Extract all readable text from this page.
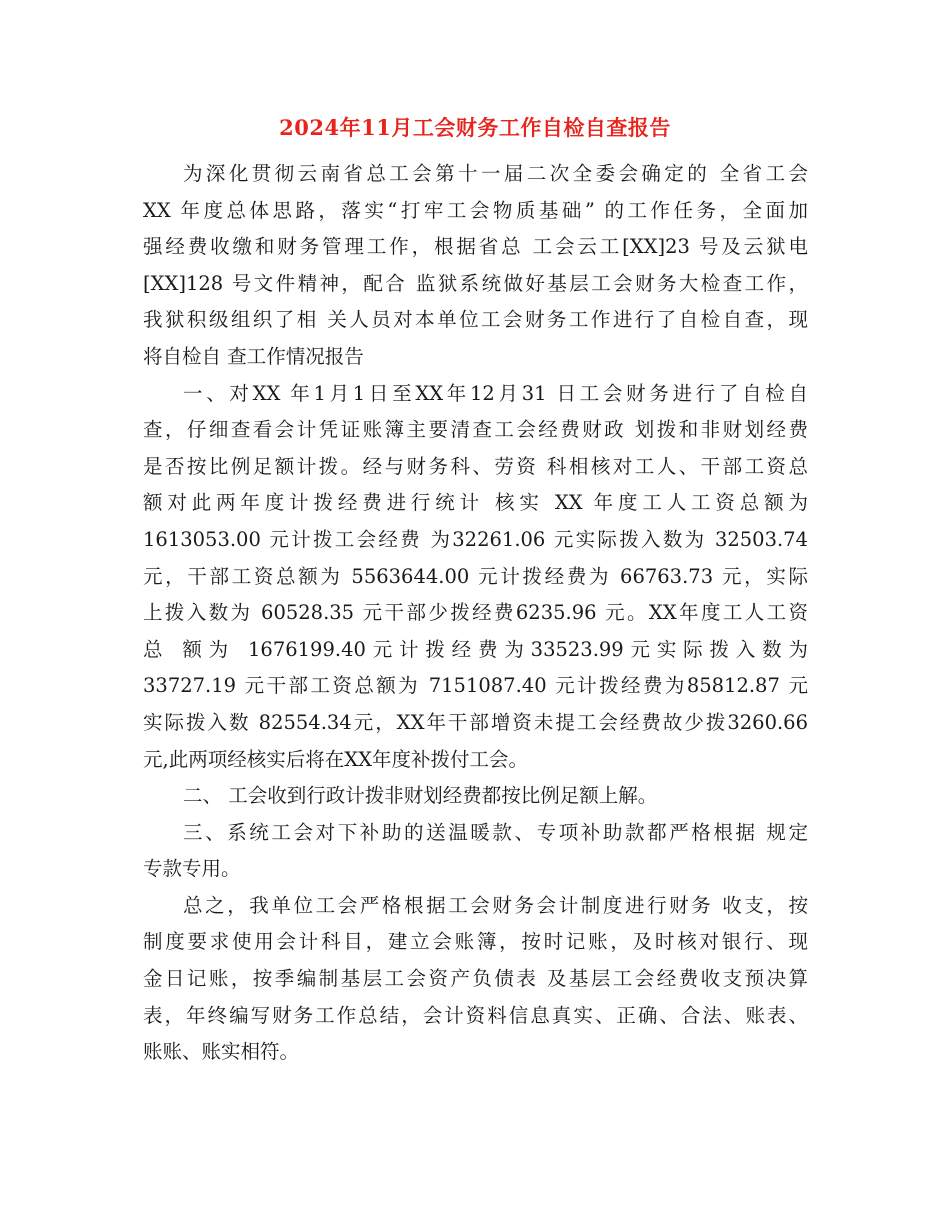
2024年11月工会财务工作自检自查报告
为深化贯彻云南省总工会第十一届二次全委会确定的 全省工会
XX 年度总体思路，落实“打牢工会物质基础” 的工作任务，全面加
强经费收缴和财务管理工作，根据省总 工会云工[XX]23 号及云狱电
[XX]128 号文件精神，配合 监狱系统做好基层工会财务大检查工作，
我狱积级组织了相 关人员对本单位工会财务工作进行了自检自查，现
将自检自 查工作情况报告
一、对XX 年1月1日至XX年12月31 日工会财务进行了自检自
查，仔细查看会计凭证账簿主要清查工会经费财政 划拨和非财划经费
是否按比例足额计拨。经与财务科、劳资 科相核对工人、干部工资总
额对此两年度计拨经费进行统计 核实 XX 年度工人工资总额为
1613053.00 元计拨工会经费 为32261.06 元实际拨入数为 32503.74
元，干部工资总额为 5563644.00 元计拨经费为 66763.73 元，实际
上拨入数为 60528.35 元干部少拨经费6235.96 元。XX年度工人工资
总 额为 1676199.40元计拨经费为33523.99元实际拨入数为
33727.19 元干部工资总额为 7151087.40 元计拨经费为85812.87 元
实际拨入数 82554.34元，XX年干部增资未提工会经费故少拨3260.66
元,此两项经核实后将在XX年度补拨付工会。
二、 工会收到行政计拨非财划经费都按比例足额上解。
三、系统工会对下补助的送温暖款、专项补助款都严格根据 规定
专款专用。
总之，我单位工会严格根据工会财务会计制度进行财务 收支，按
制度要求使用会计科目，建立会账簿，按时记账，及时核对银行、现
金日记账，按季编制基层工会资产负债表 及基层工会经费收支预决算
表，年终编写财务工作总结，会计资料信息真实、正确、合法、账表、
账账、账实相符。
